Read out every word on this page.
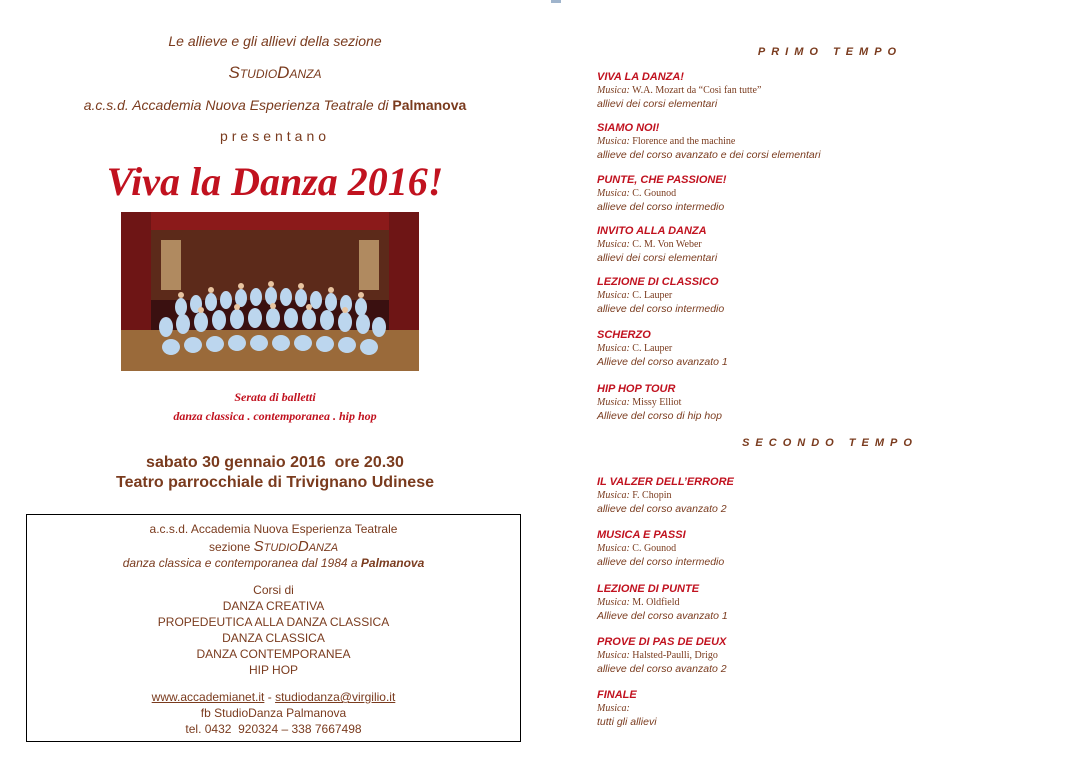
Le allieve e gli allievi della sezione
StudioDanza
a.c.s.d. Accademia Nuova Esperienza Teatrale di Palmanova
presentano
Viva la Danza 2016!
Serata di balletti
danza classica . contemporanea . hip hop
sabato 30 gennaio 2016  ore 20.30
Teatro parrocchiale di Trivignano Udinese
a.c.s.d. Accademia Nuova Esperienza Teatrale
sezione StudioDanza
danza classica e contemporanea dal 1984 a Palmanova
Corsi di
DANZA CREATIVA
PROPEDEUTICA ALLA DANZA CLASSICA
DANZA CLASSICA
DANZA CONTEMPORANEA
HIP HOP
www.accademianet.it - studiodanza@virgilio.it
fb StudioDanza Palmanova
tel. 0432  920324 – 338 7667498
PRIMO TEMPO
VIVA LA DANZA!
Musica: W.A. Mozart da “Così fan tutte”
allievi dei corsi elementari
SIAMO NOI!
Musica: Florence and the machine
allieve del corso avanzato e dei corsi elementari
PUNTE, CHE PASSIONE!
Musica: C. Gounod
allieve del corso intermedio
INVITO ALLA DANZA
Musica: C. M. Von Weber
allievi dei corsi elementari
LEZIONE DI CLASSICO
Musica: C. Lauper
allieve del corso intermedio
SCHERZO
Musica: C. Lauper
Allieve del corso avanzato 1
HIP HOP TOUR
Musica: Missy Elliot
Allieve del corso di hip hop
SECONDO TEMPO
IL VALZER DELL’ERRORE
Musica: F. Chopin
allieve del corso avanzato 2
MUSICA E PASSI
Musica: C. Gounod
allieve del corso intermedio
LEZIONE DI PUNTE
Musica: M. Oldfield
Allieve del corso avanzato 1
PROVE DI PAS DE DEUX
Musica: Halsted-Paulli, Drigo
allieve del corso avanzato 2
FINALE
Musica:
tutti gli allievi
